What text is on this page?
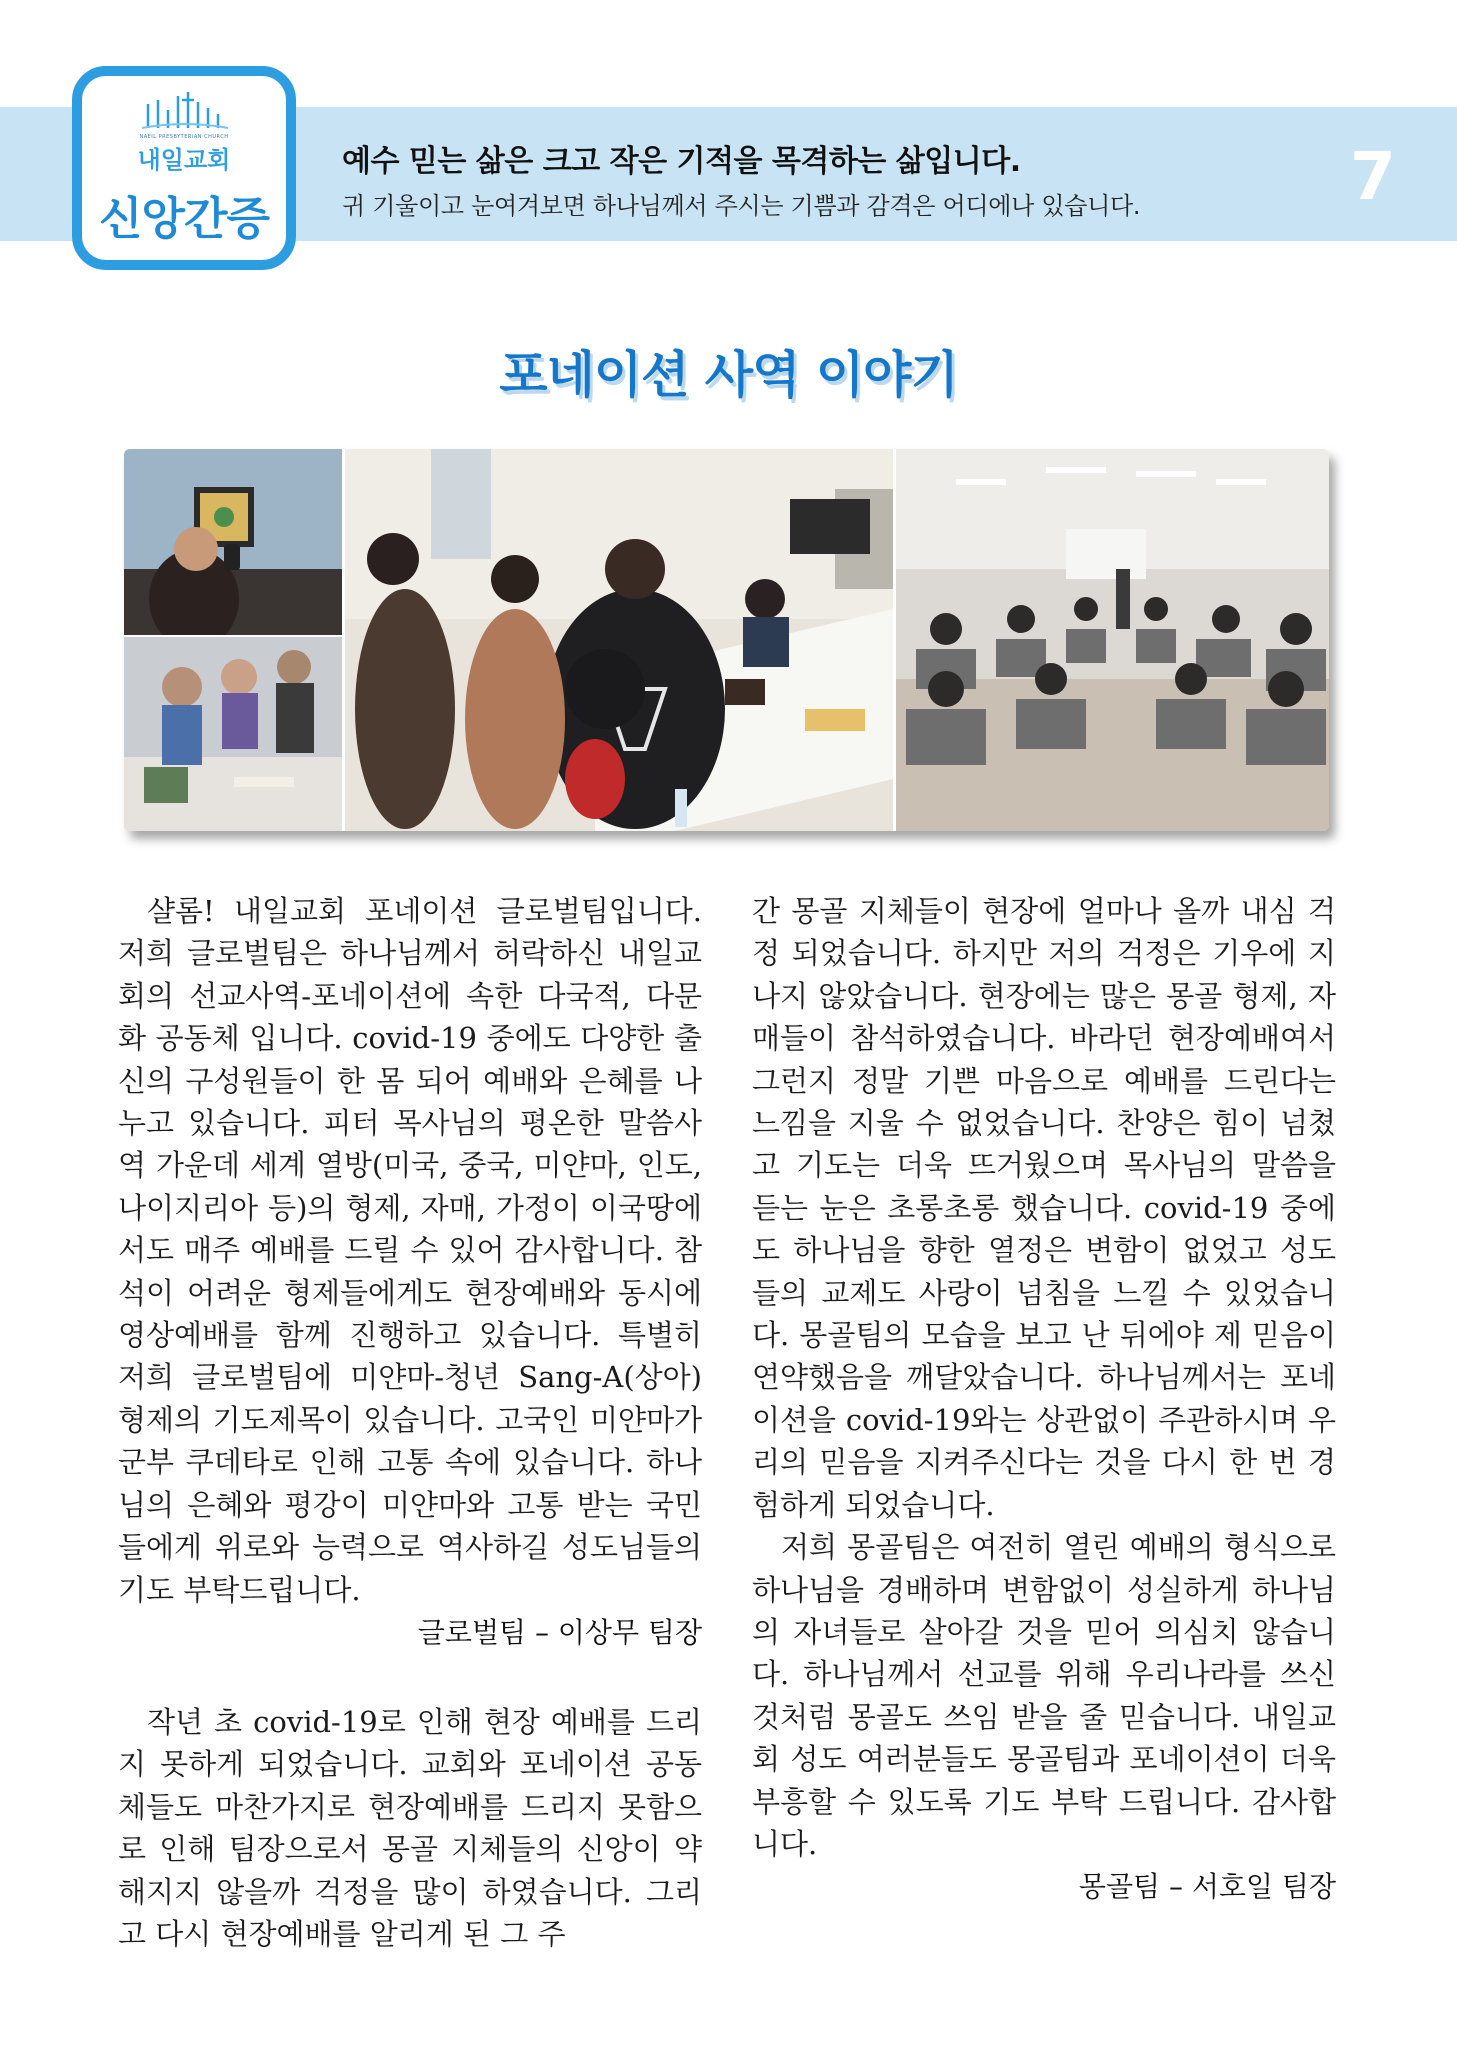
NAEIL PRESBYTERIAN CHURCH
내일교회
신앙간증
예수 믿는 삶은 크고 작은 기적을 목격하는 삶입니다.
귀 기울이고 눈여겨보면 하나님께서 주시는 기쁨과 감격은 어디에나 있습니다.	7
포네이션 사역 이야기

샬롬! 내일교회 포네이션 글로벌팀입니다. 저희 글로벌팀은 하나님께서 허락하신 내일교회의 선교사역-포네이션에 속한 다국적, 다문화 공동체 입니다. covid-19 중에도 다양한 출신의 구성원들이 한 몸 되어 예배와 은혜를 나누고 있습니다. 피터 목사님의 평온한 말씀사역 가운데 세계 열방(미국, 중국, 미얀마, 인도, 나이지리아 등)의 형제, 자매, 가정이 이국땅에서도 매주 예배를 드릴 수 있어 감사합니다. 참석이 어려운 형제들에게도 현장예배와 동시에 영상예배를 함께 진행하고 있습니다. 특별히 저희 글로벌팀에 미얀마-청년 Sang-A(상아) 형제의 기도제목이 있습니다. 고국인 미얀마가 군부 쿠데타로 인해 고통 속에 있습니다. 하나님의 은혜와 평강이 미얀마와 고통 받는 국민들에게 위로와 능력으로 역사하길 성도님들의 기도 부탁드립니다.

글로벌팀 – 이상무 팀장

작년 초 covid-19로 인해 현장 예배를 드리지 못하게 되었습니다. 교회와 포네이션 공동체들도 마찬가지로 현장예배를 드리지 못함으로 인해 팀장으로서 몽골 지체들의 신앙이 약해지지 않을까 걱정을 많이 하였습니다. 그리고 다시 현장예배를 알리게 된 그 주

간 몽골 지체들이 현장에 얼마나 올까 내심 걱정 되었습니다. 하지만 저의 걱정은 기우에 지나지 않았습니다. 현장에는 많은 몽골 형제, 자매들이 참석하였습니다. 바라던 현장예배여서 그런지 정말 기쁜 마음으로 예배를 드린다는 느낌을 지울 수 없었습니다. 찬양은 힘이 넘쳤고 기도는 더욱 뜨거웠으며 목사님의 말씀을 듣는 눈은 초롱초롱 했습니다. covid-19 중에도 하나님을 향한 열정은 변함이 없었고 성도들의 교제도 사랑이 넘침을 느낄 수 있었습니다. 몽골팀의 모습을 보고 난 뒤에야 제 믿음이 연약했음을 깨달았습니다. 하나님께서는 포네이션을 covid-19와는 상관없이 주관하시며 우리의 믿음을 지켜주신다는 것을 다시 한 번 경험하게 되었습니다.

저희 몽골팀은 여전히 열린 예배의 형식으로 하나님을 경배하며 변함없이 성실하게 하나님의 자녀들로 살아갈 것을 믿어 의심치 않습니다. 하나님께서 선교를 위해 우리나라를 쓰신 것처럼 몽골도 쓰임 받을 줄 믿습니다. 내일교회 성도 여러분들도 몽골팀과 포네이션이 더욱 부흥할 수 있도록 기도 부탁 드립니다. 감사합니다.

몽골팀 – 서호일 팀장
